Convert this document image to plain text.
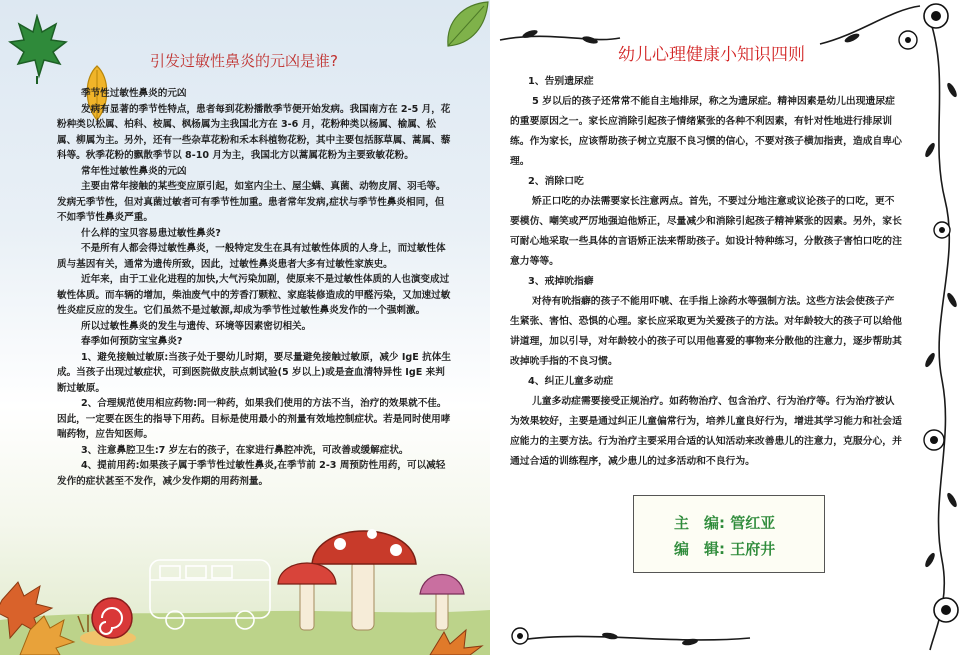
引发过敏性鼻炎的元凶是谁?
季节性过敏性鼻炎的元凶

发病有显著的季节性特点，患者每到花粉播散季节便开始发病。我国南方在 2-5 月，花粉种类以松属、柏科、桉属、枫杨属为主我国北方在 3-6 月，花粉种类以杨属、榆属、松属、柳属为主。另外，还有一些杂草花粉和禾本科植物花粉，其中主要包括豚草属、蒿属、藜科等。秋季花粉的飘散季节以 8-10 月为主，我国北方以蒿属花粉为主要致敏花粉。

常年性过敏性鼻炎的元凶

主要由常年接触的某些变应原引起，如室内尘土、屋尘螨、真菌、动物皮屑、羽毛等。发病无季节性，但对真菌过敏者可有季节性加重。患者常年发病,症状与季节性鼻炎相同，但不如季节性鼻炎严重。

什么样的宝贝容易患过敏性鼻炎?

不是所有人都会得过敏性鼻炎，一般特定发生在具有过敏性体质的人身上，而过敏性体质与基因有关，通常为遗传所致，因此，过敏性鼻炎患者大多有过敏性家族史。

近年来，由于工业化进程的加快,大气污染加剧，使原来不是过敏性体质的人也演变成过敏性体质。而车辆的增加，柴油废气中的芳香汀颗粒、家庭装修造成的甲醛污染，又加速过敏性炎症反应的发生。它们虽然不是过敏源,却成为季节性过敏性鼻炎发作的一个强刺激。

所以过敏性鼻炎的发生与遗传、环境等因素密切相关。

春季如何预防宝宝鼻炎?

1、避免接触过敏原:当孩子处于婴幼儿时期，要尽量避免接触过敏原，减少 IgE 抗体生成。当孩子出现过敏症状，可到医院做皮肤点刺试验(5 岁以上)或是查血清特异性 IgE 来判断过敏原。

2、合理规范使用相应药物:同一种药，如果我们使用的方法不当，治疗的效果就不佳。因此，一定要在医生的指导下用药。目标是使用最小的剂量有效地控制症状。若是同时使用哮喘药物，应告知医师。

3、注意鼻腔卫生:7 岁左右的孩子，在家进行鼻腔冲洗，可改善或缓解症状。

4、提前用药:如果孩子属于季节性过敏性鼻炎,在季节前 2-3 周预防性用药，可以减轻发作的症状甚至不发作，减少发作期的用药剂量。

幼儿心理健康小知识四则
1、告别遗尿症

5 岁以后的孩子还常常不能自主地排尿，称之为遗尿症。精神因素是幼儿出现遗尿症的重要原因之一。家长应消除引起孩子情绪紧张的各种不利因素，有针对性地进行排尿训练。作为家长，应该帮助孩子树立克服不良习惯的信心，不要对孩子横加指责，造成自卑心理。

2、消除口吃

矫正口吃的办法需要家长注意两点。首先，不要过分地注意或议论孩子的口吃，更不要模仿、嘲笑或严厉地强迫他矫正，尽量减少和消除引起孩子精神紧张的因素。另外，家长可耐心地采取一些具体的言语矫正法来帮助孩子。如设计特种练习，分散孩子害怕口吃的注意力等等。

3、戒掉吮指癖

对待有吮指癖的孩子不能用吓唬、在手指上涂药水等强制方法。这些方法会使孩子产生紧张、害怕、恐惧的心理。家长应采取更为关爱孩子的方法。对年龄较大的孩子可以给他讲道理，加以引导，对年龄较小的孩子可以用他喜爱的事物来分散他的注意力，逐步帮助其改掉吮手指的不良习惯。

4、纠正儿童多动症

儿童多动症需要接受正规治疗。如药物治疗、包含治疗、行为治疗等。行为治疗被认为效果较好，主要是通过纠正儿童偏常行为，培养儿童良好行为，增进其学习能力和社会适应能力的主要方法。行为治疗主要采用合适的认知活动来改善患儿的注意力，克服分心，并通过合适的训练程序，减少患儿的过多活动和不良行为。

主　编: 管红亚
编　辑: 王府井
